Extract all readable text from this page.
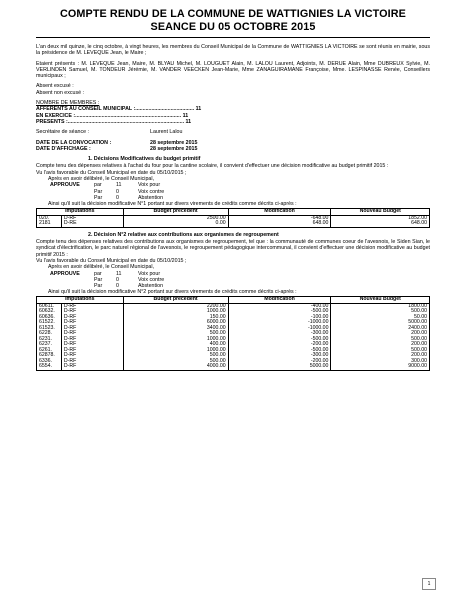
COMPTE RENDU DE LA COMMUNE DE WATTIGNIES LA VICTOIRE
SEANCE DU 05 OCTOBRE 2015

L'an deux mil quinze, le cinq octobre, à vingt heures, les membres du Conseil Municipal de la Commune de WATTIGNIES LA VICTOIRE se sont réunis en mairie, sous la présidence de M. LEVEQUE Jean, le Maire ;

Etaient présents : M. LEVEQUE Jean, Maire, M. BLYAU Michel, M. LOUGUET Alain, M. LALOU Laurent, Adjoints, M. DERUE Alain, Mme DUBREUX Sylvie, M. VERLINDEN Samuel, M. TONDEUR Jérémie, M. VANDER VEECKEN Jean-Marie, Mme ZANAGUIRAMANE Françoise, Mme. LESPINASSE Renée, Conseillers municipaux ;

Absent excusé :

Absent non excusé :

NOMBRE DE MEMBRES :

AFFERENTS AU CONSEIL MUNICIPAL : ........................................ 11
EN EXERCICE : ........................................................................ 11
PRESENTS : ............................................................................... 11
Secrétaire de séance :	Laurent Lalou
DATE DE LA CONVOCATION :	28 septembre 2015
DATE D'AFFICHAGE :	28 septembre 2015
1. Décisions Modificatives du budget primitif

Compte tenu des dépenses relatives à l'achat du four pour la cantine scolaire, il convient d'effectuer une décision modificative au budget primitif 2015 :

Vu l'avis favorable du Conseil Municipal en date du 05/10/2015 ;

Après en avoir délibéré, le Conseil Municipal,

APPROUVE	par	11	Voix pour
Par	0	Voix contre
Par	0	Abstention

Ainsi qu'il suit la décision modificative N°1 portant sur divers virements de crédits comme décrits ci-après :

Imputations		Budget précédent	Modification	Nouveau Budget
020.	D-RF	2500.00	-648.00	1852.00
2181	D-RE	0.00	648.00	648.00
2. Décision N°2 relative aux contributions aux organismes de regroupement

Compte tenu des dépenses relatives des contributions aux organismes de regroupement, tel que : la communauté de communes coeur de l'avesnois, le Siden Sian, le syndicat d'électrification, le parc naturel régional de l'avesnois, le regroupement pédagogique intercommunal, il convient d'effectuer une décision modificative au budget primitif 2015 :

Vu l'avis favorable du Conseil Municipal en date du 05/10/2015 ;

Après en avoir délibéré, le Conseil Municipal,

APPROUVE	par	11	Voix pour
Par	0	Voix contre
Par	0	Abstention

Ainsi qu'il suit la décision modificative N°2 portant sur divers virements de crédits comme décrits ci-après :

Imputations		Budget précédent	Modification	Nouveau Budget
60611.	D-RF	2200.00	-400.00	1800.00
60632.	D-RF	1000.00	-500.00	500.00
60636.	D-RF	150.00	-100.00	50.00
61522.	D-RF	6000.00	-1000.00	5000.00
61523.	D-RF	3400.00	-1000.00	2400.00
6228.	D-RF	500.00	-300.00	200.00
6231.	D-RF	1000.00	-500.00	500.00
6237.	D-RF	400.00	-200.00	200.00
6261.	D-RF	1000.00	-500.00	500.00
62878.	D-RF	500.00	-300.00	200.00
6336.	D-RF	500.00	-200.00	300.00
6554.	D-RF	4000.00	5000.00	9000.00
1
